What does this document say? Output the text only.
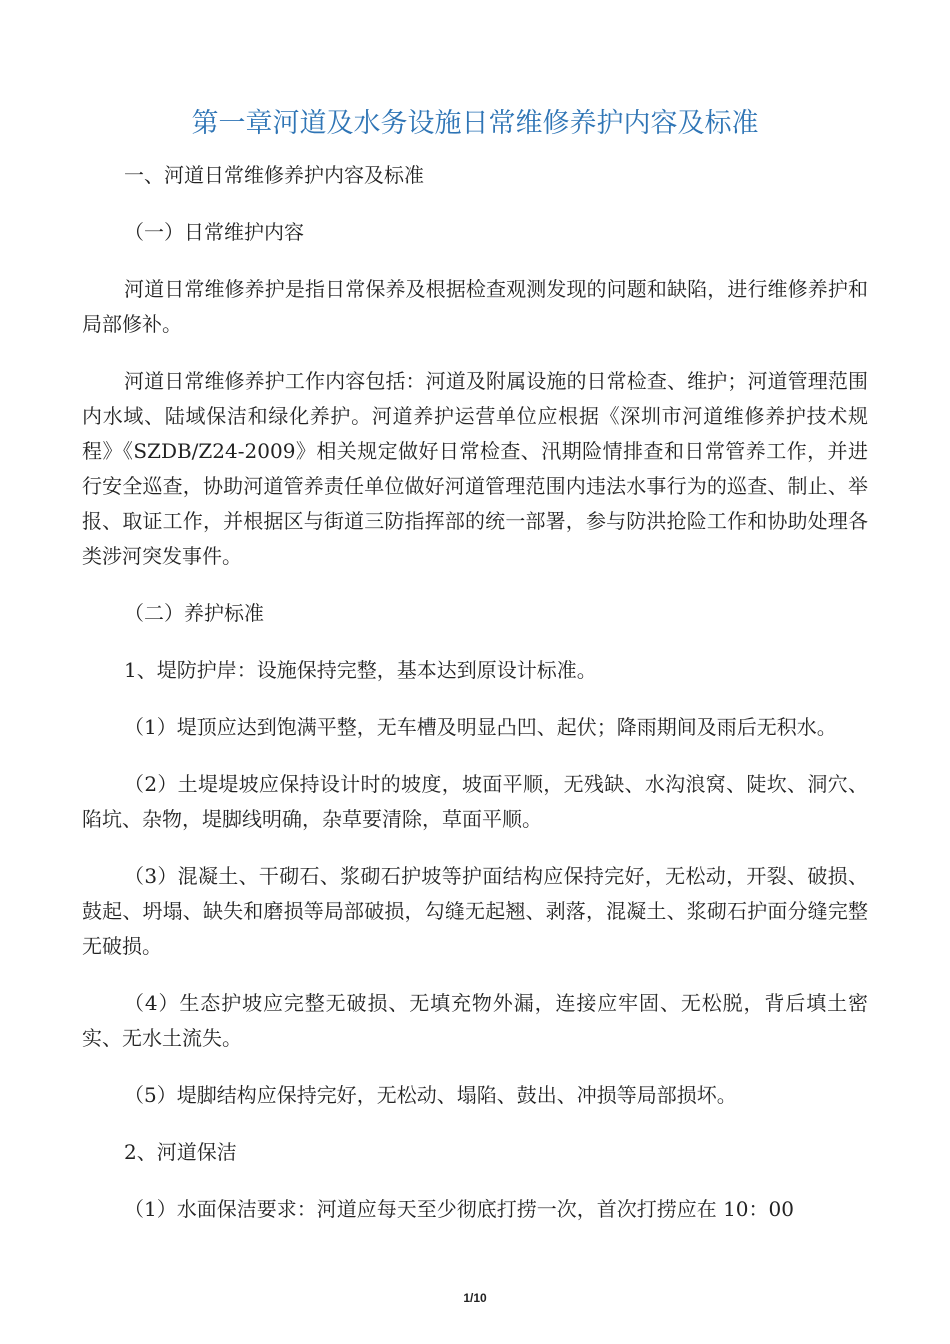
第一章河道及水务设施日常维修养护内容及标准

一、河道日常维修养护内容及标准

（一）日常维护内容

河道日常维修养护是指日常保养及根据检查观测发现的问题和缺陷，进行维修养护和局部修补。

河道日常维修养护工作内容包括：河道及附属设施的日常检查、维护；河道管理范围内水域、陆域保洁和绿化养护。河道养护运营单位应根据《深圳市河道维修养护技术规程》《SZDB/Z24-2009》相关规定做好日常检查、汛期险情排查和日常管养工作，并进行安全巡查，协助河道管养责任单位做好河道管理范围内违法水事行为的巡查、制止、举报、取证工作，并根据区与街道三防指挥部的统一部署，参与防洪抢险工作和协助处理各类涉河突发事件。

（二）养护标准

1、堤防护岸：设施保持完整，基本达到原设计标准。

（1）堤顶应达到饱满平整，无车槽及明显凸凹、起伏；降雨期间及雨后无积水。

（2）土堤堤坡应保持设计时的坡度，坡面平顺，无残缺、水沟浪窝、陡坎、洞穴、陷坑、杂物，堤脚线明确，杂草要清除，草面平顺。

（3）混凝土、干砌石、浆砌石护坡等护面结构应保持完好，无松动，开裂、破损、鼓起、坍塌、缺失和磨损等局部破损，勾缝无起翘、剥落，混凝土、浆砌石护面分缝完整无破损。

（4）生态护坡应完整无破损、无填充物外漏，连接应牢固、无松脱，背后填土密实、无水土流失。

（5）堤脚结构应保持完好，无松动、塌陷、鼓出、冲损等局部损坏。

2、河道保洁

（1）水面保洁要求：河道应每天至少彻底打捞一次，首次打捞应在 10：00

1/10
